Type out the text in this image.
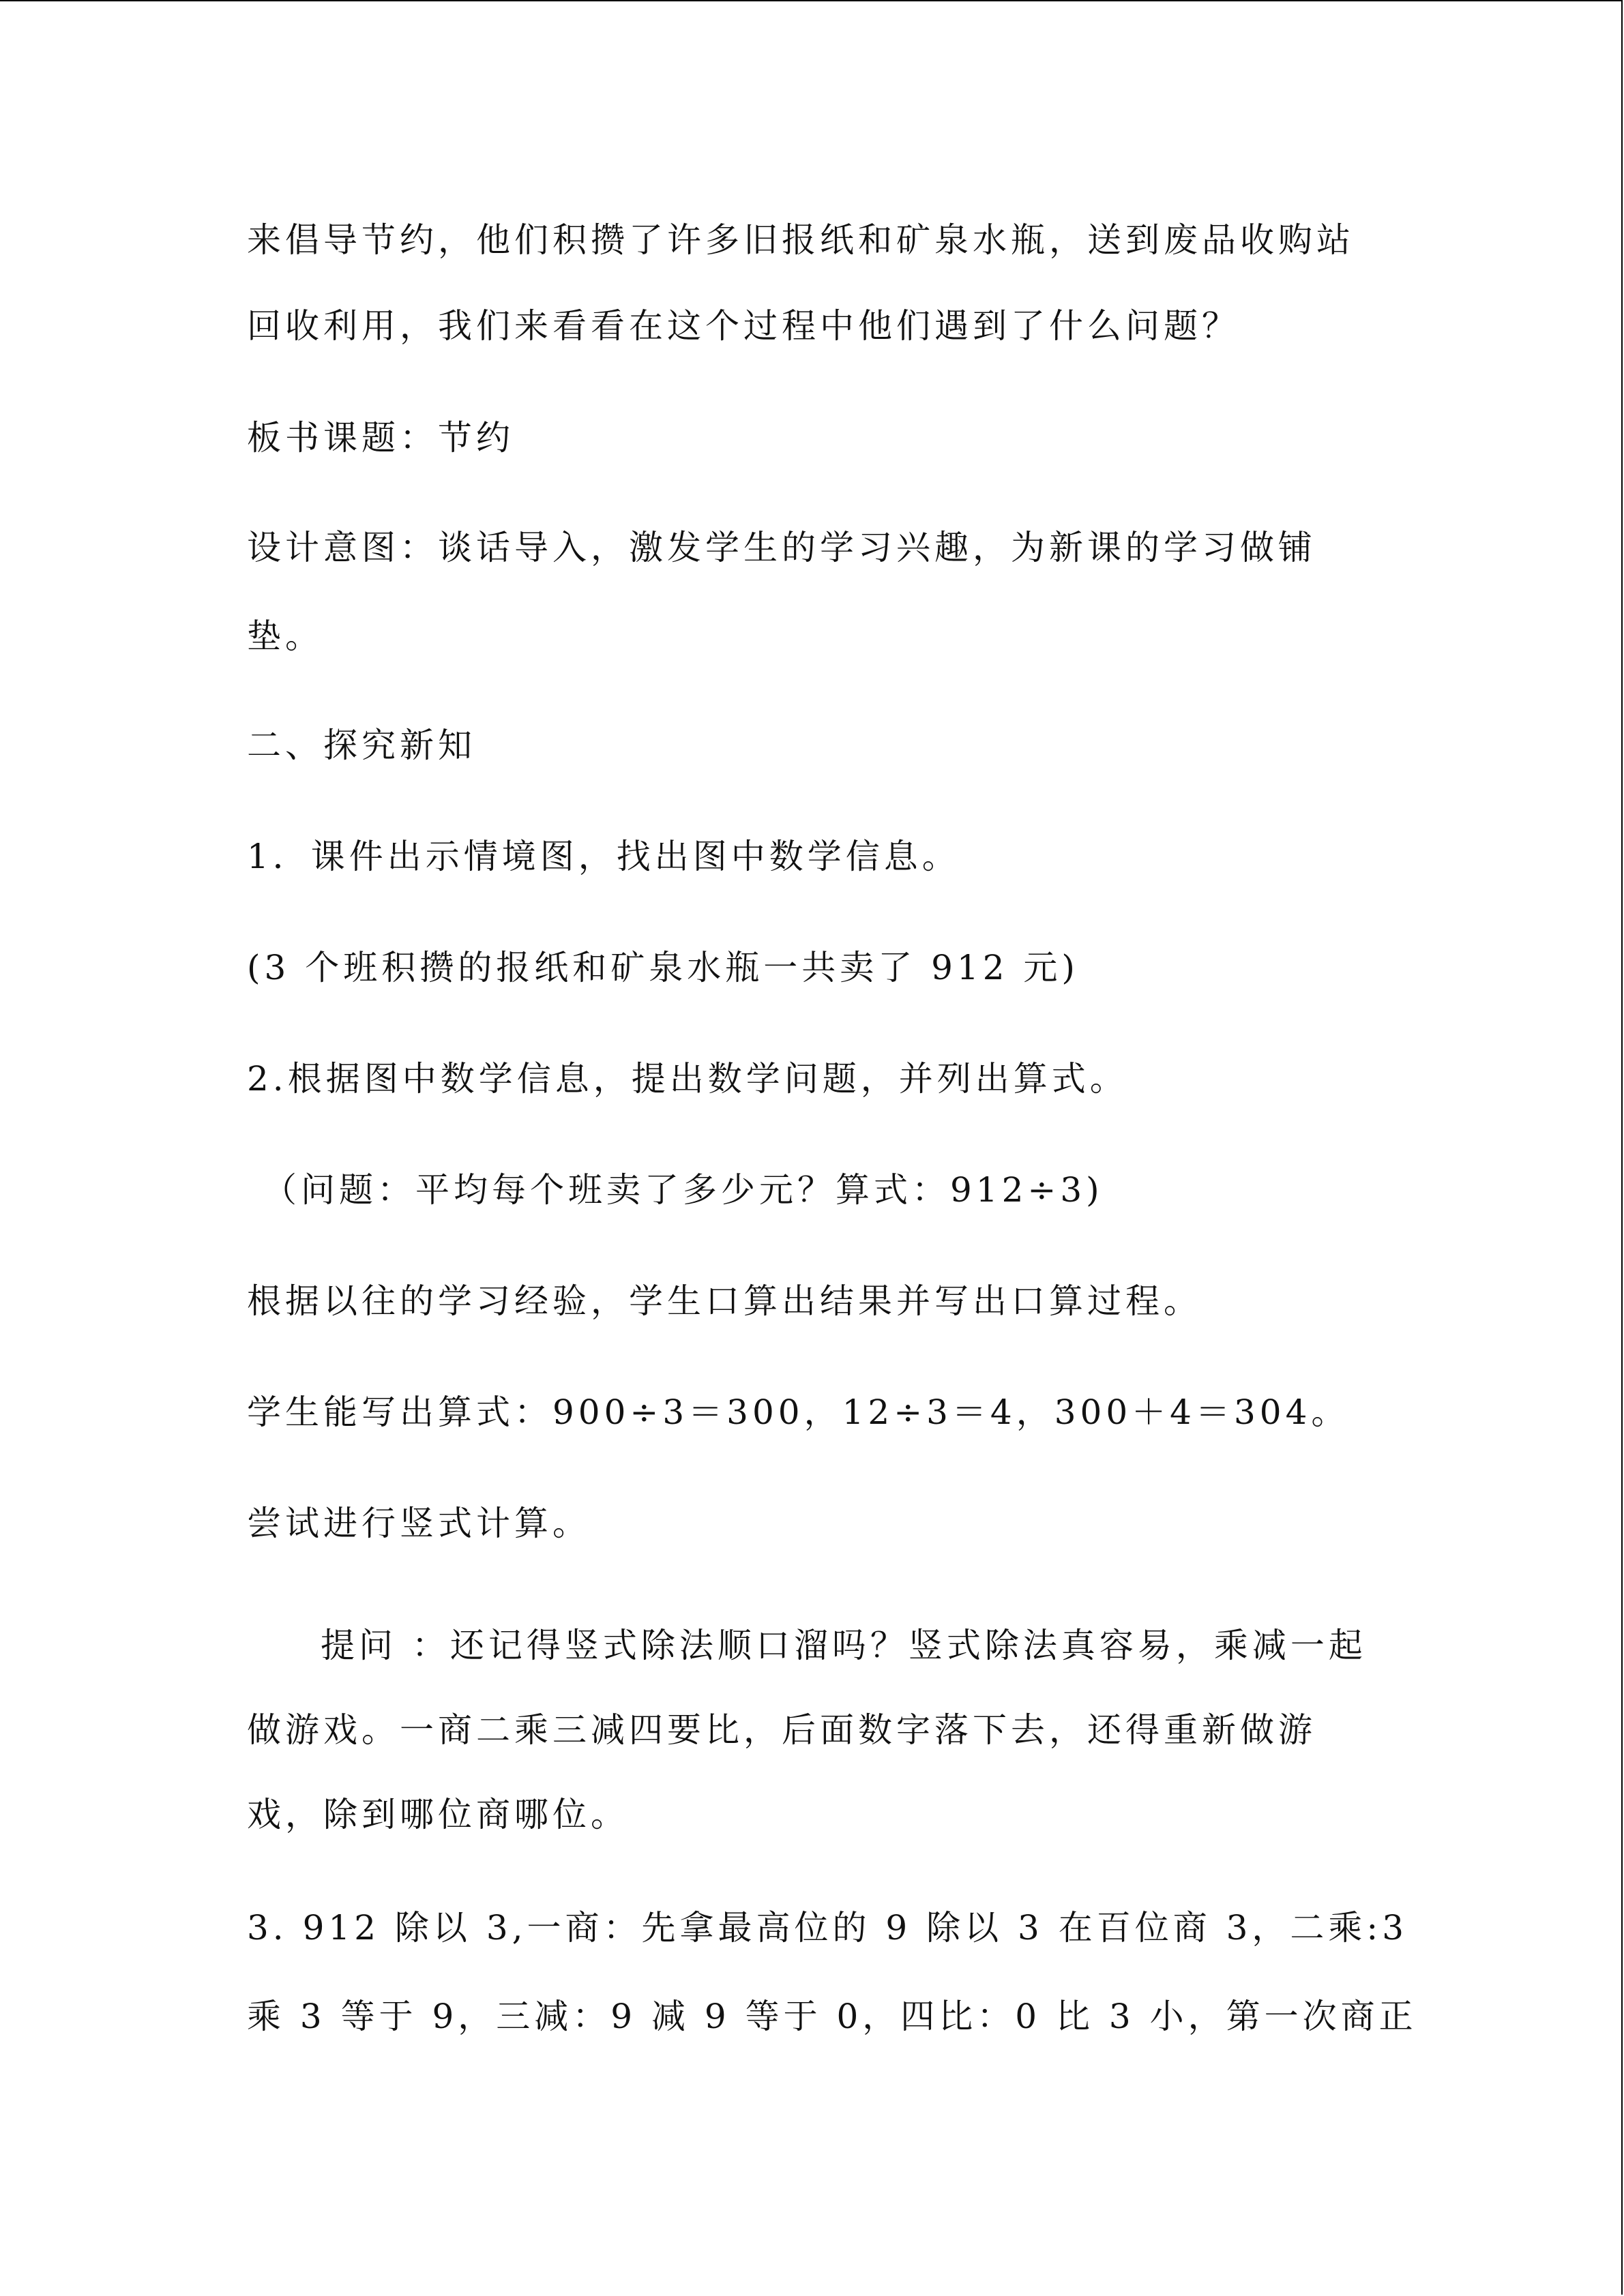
来倡导节约，他们积攒了许多旧报纸和矿泉水瓶，送到废品收购站
回收利用，我们来看看在这个过程中他们遇到了什么问题？
板书课题：节约
设计意图：谈话导入，激发学生的学习兴趣，为新课的学习做铺
垫。
二、探究新知
1．课件出示情境图，找出图中数学信息。
(3 个班积攒的报纸和矿泉水瓶一共卖了 912 元)
2.根据图中数学信息，提出数学问题，并列出算式。
（问题：平均每个班卖了多少元？算式：912÷3)
根据以往的学习经验，学生口算出结果并写出口算过程。
学生能写出算式：900÷3＝300，12÷3＝4，300＋4＝304。
尝试进行竖式计算。
提问 ：还记得竖式除法顺口溜吗？竖式除法真容易，乘减一起
做游戏。一商二乘三减四要比，后面数字落下去，还得重新做游
戏，除到哪位商哪位。
3. 912 除以 3,一商：先拿最高位的 9 除以 3 在百位商 3，二乘:3
乘 3 等于 9，三减：9 减 9 等于 0，四比：0 比 3 小，第一次商正
